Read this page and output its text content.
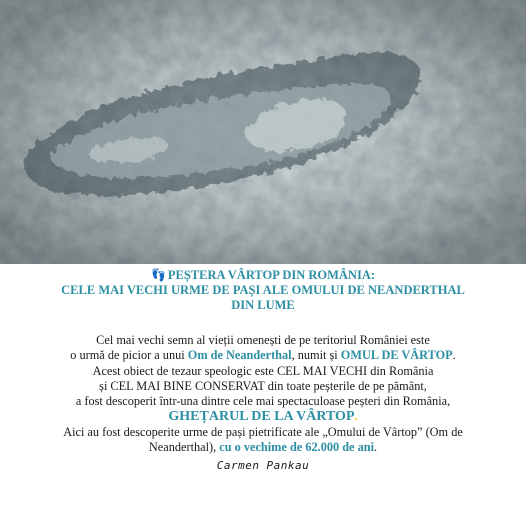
👣 PEȘTERA VÂRTOP DIN ROMÂNIA:
CELE MAI VECHI URME DE PAȘI ALE OMULUI DE NEANDERTHAL
DIN LUME

Cel mai vechi semn al vieții omenești de pe teritoriul României este

o urmă de picior a unui Om de Neanderthal, numit și OMUL DE VÂRTOP.

Acest obiect de tezaur speologic este CEL MAI VECHI din România

și CEL MAI BINE CONSERVAT din toate peșterile de pe pământ,

a fost descoperit într-una dintre cele mai spectaculoase peșteri din România,

GHEȚARUL DE LA VÂRTOP.

Aici au fost descoperite urme de pași pietrificate ale „Omului de Vârtop” (Om de

Neanderthal), cu o vechime de 62.000 de ani.

Carmen Pankau
